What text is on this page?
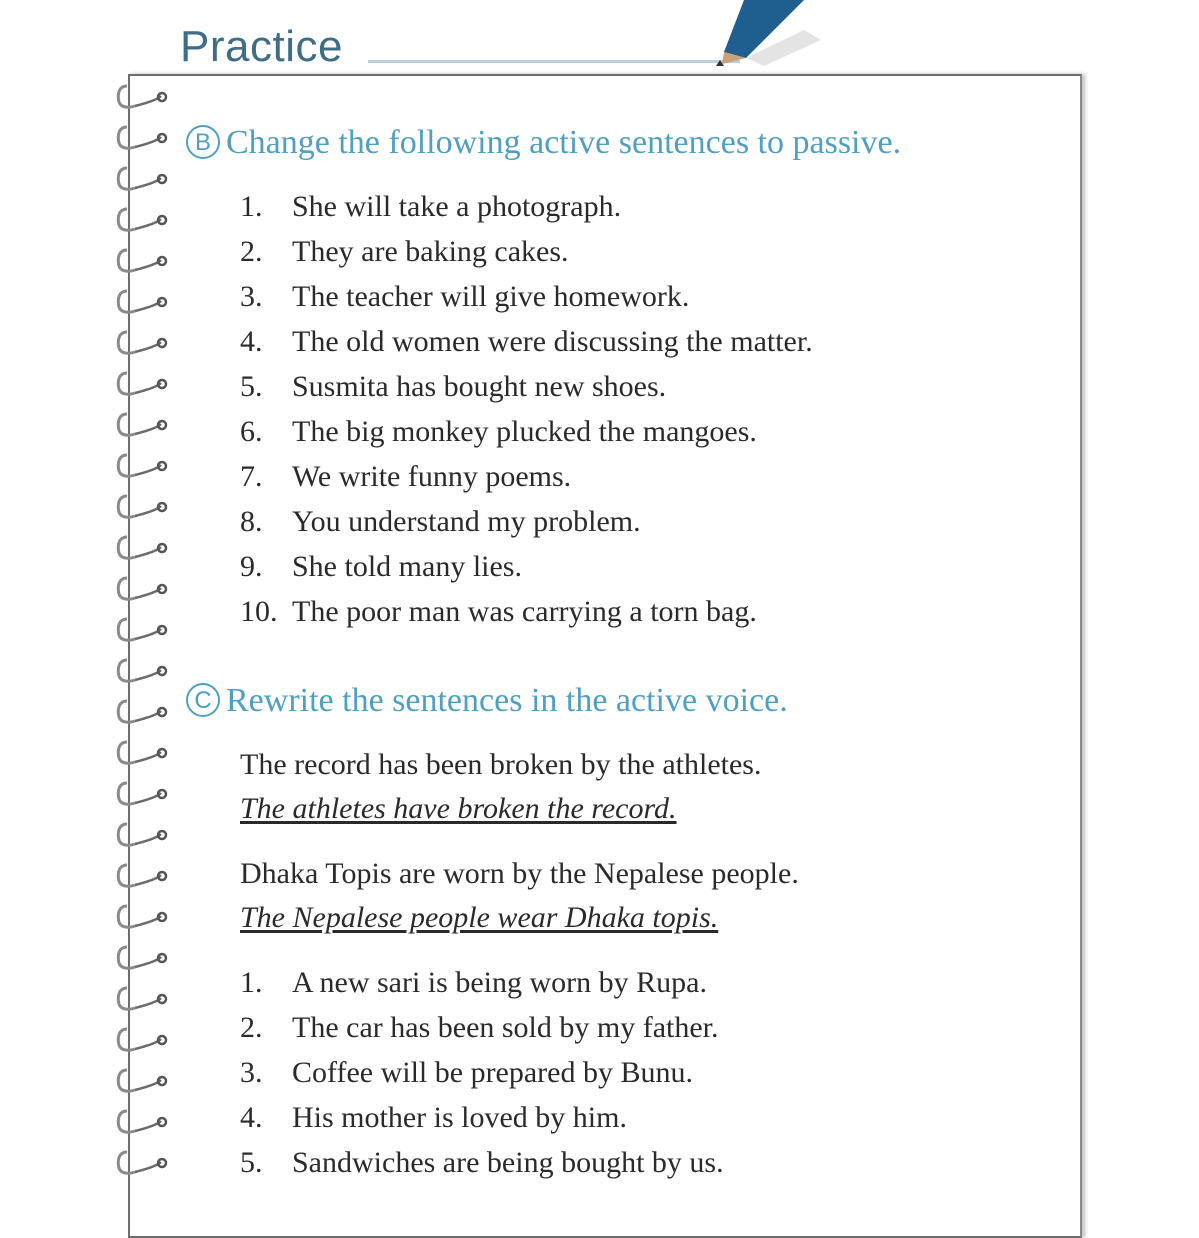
Practice
B Change the following active sentences to passive.
1. She will take a photograph.
2. They are baking cakes.
3. The teacher will give homework.
4. The old women were discussing the matter.
5. Susmita has bought new shoes.
6. The big monkey plucked the mangoes.
7. We write funny poems.
8. You understand my problem.
9. She told many lies.
10. The poor man was carrying a torn bag.
C Rewrite the sentences in the active voice.
The record has been broken by the athletes.
The athletes have broken the record.
Dhaka Topis are worn by the Nepalese people.
The Nepalese people wear Dhaka topis.
1. A new sari is being worn by Rupa.
2. The car has been sold by my father.
3. Coffee will be prepared by Bunu.
4. His mother is loved by him.
5. Sandwiches are being bought by us.
